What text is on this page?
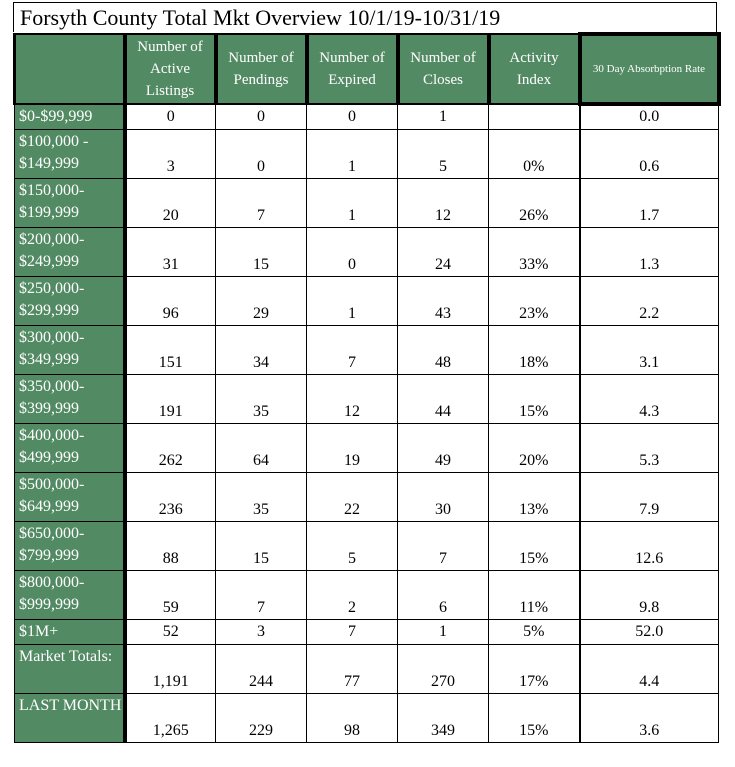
Forsyth County Total Mkt Overview 10/1/19-10/31/19
	Number of Active Listings	Number of Pendings	Number of Expired	Number of Closes	Activity Index	30 Day Absorbption Rate
$0-$99,999	0	0	0	1		0.0
$100,000 - $149,999	3	0	1	5	0%	0.6
$150,000- $199,999	20	7	1	12	26%	1.7
$200,000- $249,999	31	15	0	24	33%	1.3
$250,000- $299,999	96	29	1	43	23%	2.2
$300,000- $349,999	151	34	7	48	18%	3.1
$350,000- $399,999	191	35	12	44	15%	4.3
$400,000- $499,999	262	64	19	49	20%	5.3
$500,000- $649,999	236	35	22	30	13%	7.9
$650,000- $799,999	88	15	5	7	15%	12.6
$800,000- $999,999	59	7	2	6	11%	9.8
$1M+	52	3	7	1	5%	52.0
Market Totals:	1,191	244	77	270	17%	4.4
LAST MONTH	1,265	229	98	349	15%	3.6
